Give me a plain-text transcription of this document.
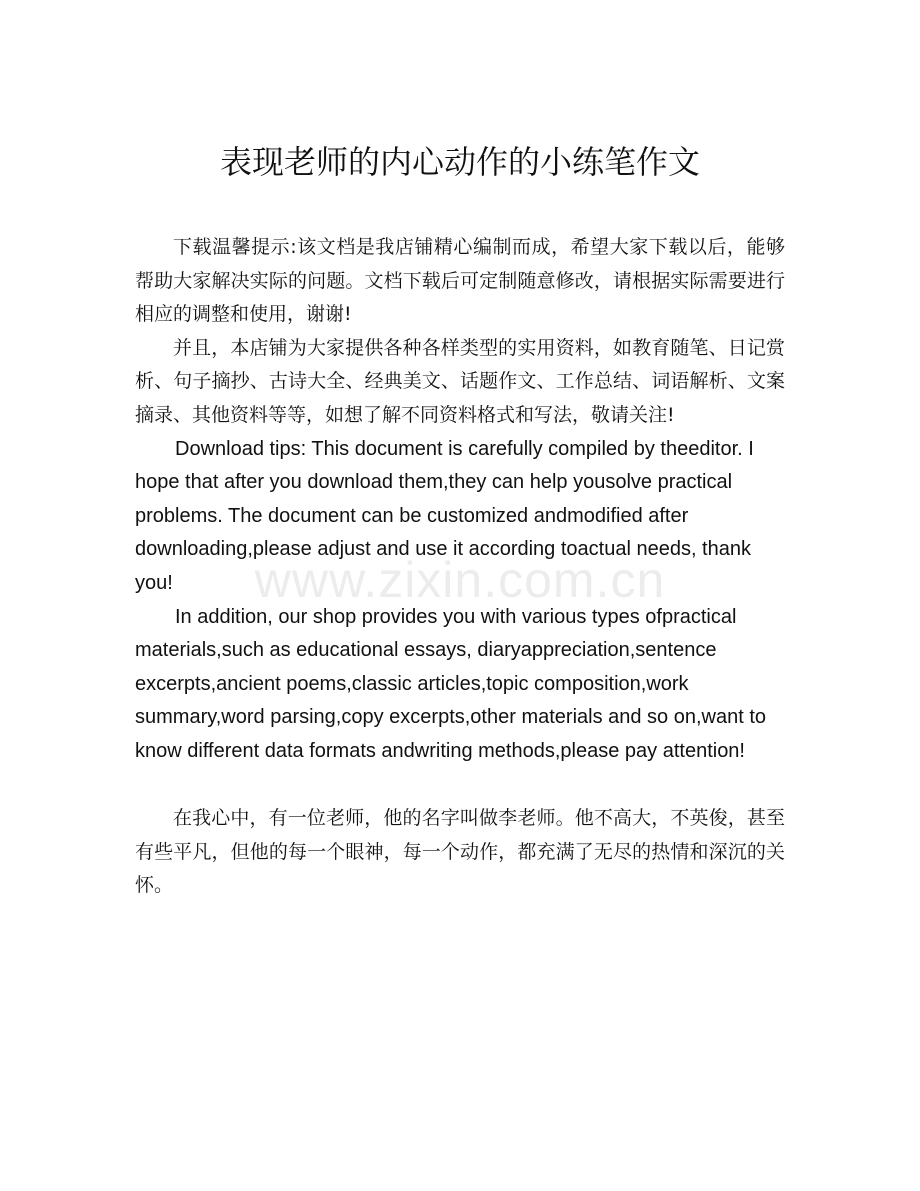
表现老师的内心动作的小练笔作文

下载温馨提示:该文档是我店铺精心编制而成，希望大家下载以后，能够帮助大家解决实际的问题。文档下载后可定制随意修改，请根据实际需要进行相应的调整和使用，谢谢!

并且，本店铺为大家提供各种各样类型的实用资料，如教育随笔、日记赏析、句子摘抄、古诗大全、经典美文、话题作文、工作总结、词语解析、文案摘录、其他资料等等，如想了解不同资料格式和写法，敬请关注!

Download tips: This document is carefully compiled by theeditor. I hope that after you download them,they can help yousolve practical problems. The document can be customized andmodified after downloading,please adjust and use it according toactual needs, thank you!

In addition, our shop provides you with various types ofpractical materials,such as educational essays, diaryappreciation,sentence excerpts,ancient poems,classic articles,topic composition,work summary,word parsing,copy excerpts,other materials and so on,want to know different data formats andwriting methods,please pay attention!

在我心中，有一位老师，他的名字叫做李老师。他不高大，不英俊，甚至有些平凡，但他的每一个眼神，每一个动作，都充满了无尽的热情和深沉的关怀。

www.zixin.com.cn
